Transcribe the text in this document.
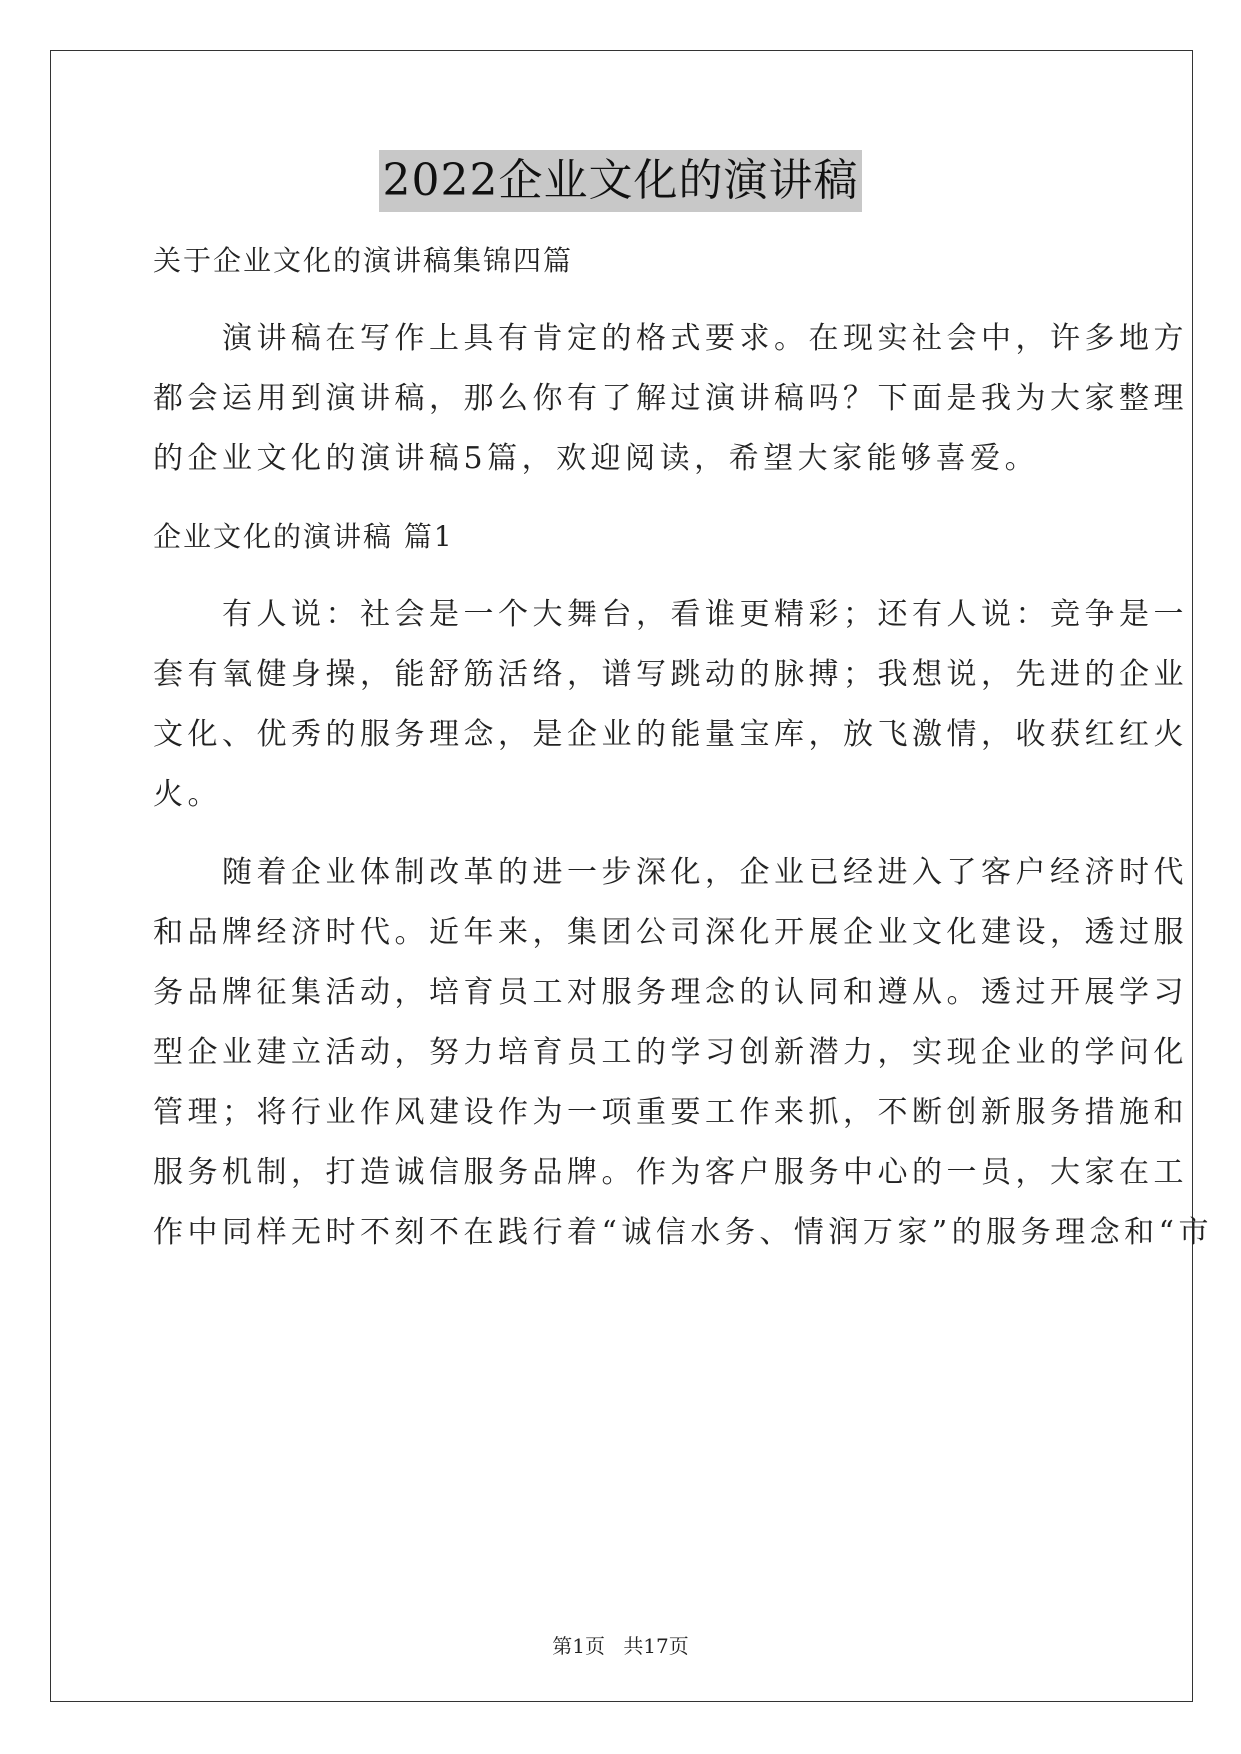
2022企业文化的演讲稿
关于企业文化的演讲稿集锦四篇
　　演讲稿在写作上具有肯定的格式要求。在现实社会中，许多地方
都会运用到演讲稿，那么你有了解过演讲稿吗？下面是我为大家整理
的企业文化的演讲稿5篇，欢迎阅读，希望大家能够喜爱。
企业文化的演讲稿 篇1
　　有人说：社会是一个大舞台，看谁更精彩；还有人说：竞争是一
套有氧健身操，能舒筋活络，谱写跳动的脉搏；我想说，先进的企业
文化、优秀的服务理念，是企业的能量宝库，放飞激情，收获红红火
火。
　　随着企业体制改革的进一步深化，企业已经进入了客户经济时代
和品牌经济时代。近年来，集团公司深化开展企业文化建设，透过服
务品牌征集活动，培育员工对服务理念的认同和遵从。透过开展学习
型企业建立活动，努力培育员工的学习创新潜力，实现企业的学问化
管理；将行业作风建设作为一项重要工作来抓，不断创新服务措施和
服务机制，打造诚信服务品牌。作为客户服务中心的一员，大家在工
作中同样无时不刻不在践行着“诚信水务、情润万家”的服务理念和“市
第1页 共17页
